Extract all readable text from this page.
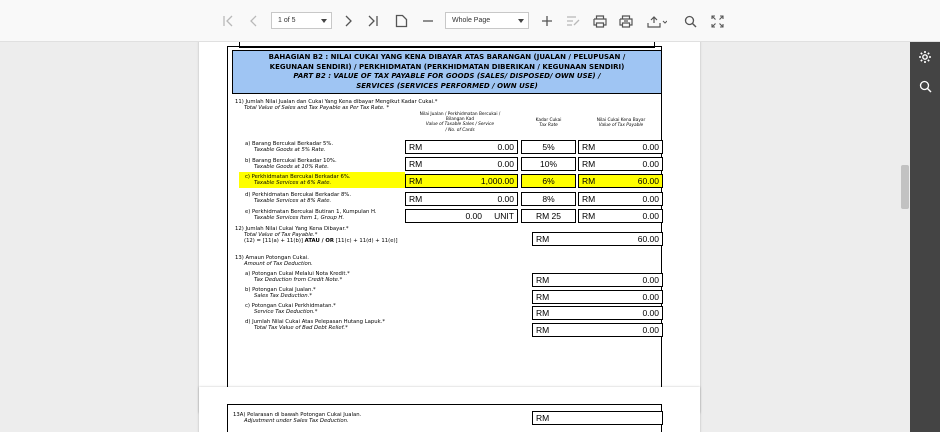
1 of 5	Whole Page
BAHAGIAN B2 : NILAI CUKAI YANG KENA DIBAYAR ATAS BARANGAN (JUALAN / PELUPUSAN /
KEGUNAAN SENDIRI) / PERKHIDMATAN (PERKHIDMATAN DIBERIKAN / KEGUNAAN SENDIRI)
PART B2 : VALUE OF TAX PAYABLE FOR GOODS (SALES/ DISPOSED/ OWN USE) /
SERVICES (SERVICES PERFORMED / OWN USE)
11) Jumlah Nilai Jualan dan Cukai Yang Kena dibayar Mengikut Kadar Cukai.*
Total Value of Sales and Tax Payable as Per Tax Rate. *
Nilai Jualan / Perkhidmatan Bercukai /
Bilangan Kad
Value of Taxable Sales / Service
/ No. of Cards
Kadar Cukai
Tax Rate
Nilai Cukai Kena Bayar
Value of Tax Payable
a) Barang Bercukai Berkadar 5%.
Taxable Goods at 5% Rate.	RM	0.00	5%	RM	0.00
b) Barang Bercukai Berkadar 10%.
Taxable Goods at 10% Rate.	RM	0.00	10%	RM	0.00
c) Perkhidmatan Bercukai Berkadar 6%.
Taxable Services at 6% Rate.	RM	1,000.00	6%	RM	60.00
d) Perkhidmatan Bercukai Berkadar 8%.
Taxable Services at 8% Rate.	RM	0.00	8%	RM	0.00
e) Perkhidmatan Bercukai Butiran 1, Kumpulan H.
Taxable Services Item 1, Group H.	0.00 UNIT	RM 25	RM	0.00
12) Jumlah Nilai Cukai Yang Kena Dibayar.*
Total Value of Tax Payable.*
(12) = [11(a) + 11(b)] ATAU / OR [11(c) + 11(d) + 11(e)]	RM	60.00
13) Amaun Potongan Cukai.
Amount of Tax Deduction.
a) Potongan Cukai Melalui Nota Kredit.*
Tax Deduction from Credit Note.*	RM	0.00
b) Potongan Cukai Jualan.*
Sales Tax Deduction.*	RM	0.00
c) Potongan Cukai Perkhidmatan.*
Service Tax Deduction.*	RM	0.00
d) Jumlah Nilai Cukai Atas Pelepasan Hutang Lapuk.*
Total Tax Value of Bad Debt Relief.*	RM	0.00
13A) Pelarasan di bawah Potongan Cukai Jualan.
Adjustment under Sales Tax Deduction.	RM
